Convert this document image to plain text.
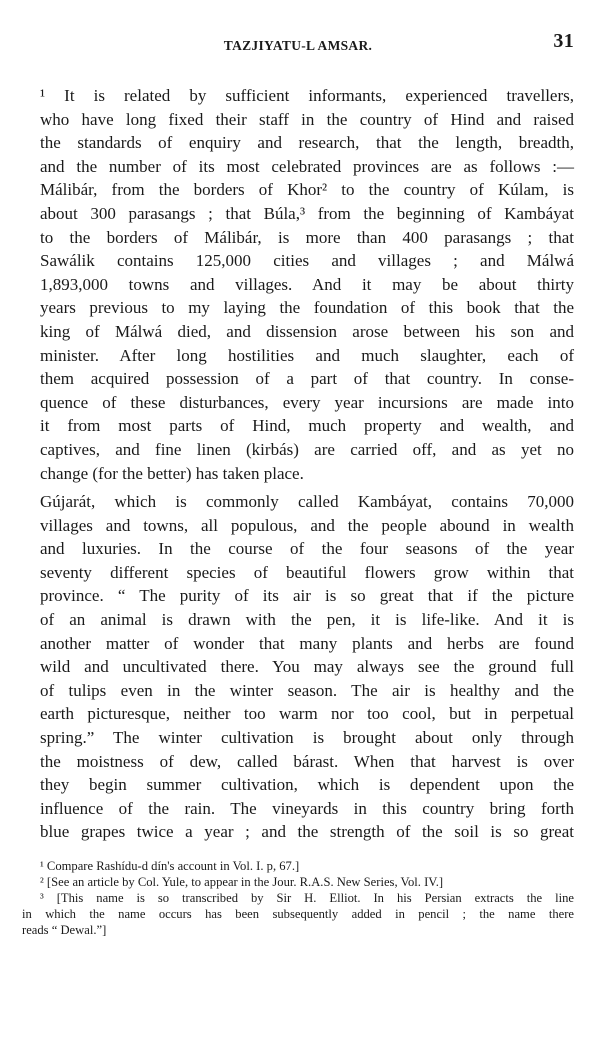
TAZJIYATU-L AMSAR.	31

¹ It is related by sufficient informants, experienced travellers,
who have long fixed their staff in the country of Hind and raised
the standards of enquiry and research, that the length, breadth,
and the number of its most celebrated provinces are as follows :—
Málibár, from the borders of Khor² to the country of Kúlam, is
about 300 parasangs ; that Búla,³ from the beginning of Kambáyat
to the borders of Málibár, is more than 400 parasangs ; that
Sawálik contains 125,000 cities and villages ; and Málwá
1,893,000 towns and villages. And it may be about thirty
years previous to my laying the foundation of this book that the
king of Málwá died, and dissension arose between his son and
minister. After long hostilities and much slaughter, each of
them acquired possession of a part of that country. In conse-
quence of these disturbances, every year incursions are made into
it from most parts of Hind, much property and wealth, and
captives, and fine linen (kirbás) are carried off, and as yet no
change (for the better) has taken place.

Gújarát, which is commonly called Kambáyat, contains 70,000
villages and towns, all populous, and the people abound in wealth
and luxuries. In the course of the four seasons of the year
seventy different species of beautiful flowers grow within that
province. “ The purity of its air is so great that if the picture
of an animal is drawn with the pen, it is life-like. And it is
another matter of wonder that many plants and herbs are found
wild and uncultivated there. You may always see the ground full
of tulips even in the winter season. The air is healthy and the
earth picturesque, neither too warm nor too cool, but in perpetual
spring.” The winter cultivation is brought about only through
the moistness of dew, called bárast. When that harvest is over
they begin summer cultivation, which is dependent upon the
influence of the rain. The vineyards in this country bring forth
blue grapes twice a year ; and the strength of the soil is so great

¹ Compare Rashídu-d dín's account in Vol. I. p, 67.]
² [See an article by Col. Yule, to appear in the Jour. R.A.S. New Series, Vol. IV.]
³ [This name is so transcribed by Sir H. Elliot. In his Persian extracts the line
in which the name occurs has been subsequently added in pencil ; the name there
reads “ Dewal.”]
